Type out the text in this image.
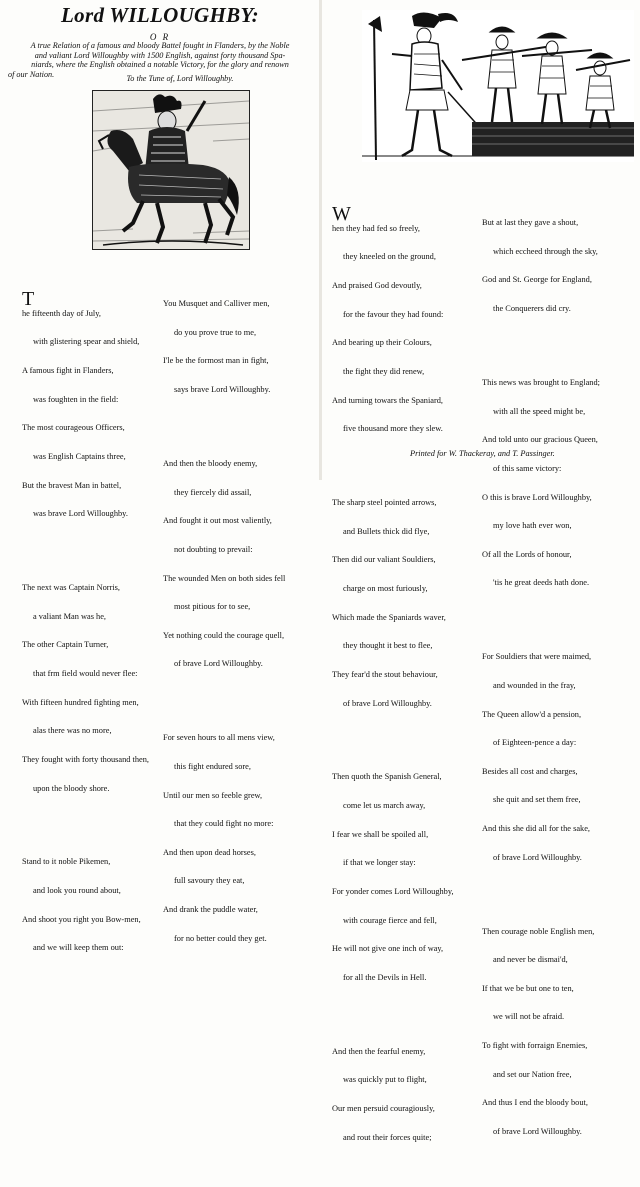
Lord WILLOUGHBY:
O R
A true Relation of a famous and bloody Battel fought in Flanders, by the Noble
and valiant Lord Willoughby with 1500 English, against forty thousand Spa-
niards, where the English obtained a notable Victory, for the glory and renown
of our Nation.	To the Tune of, Lord Willoughby.

T

he fifteenth day of July,

with glistering spear and shield,

A famous fight in Flanders,

was foughten in the field:

The most courageous Officers,

was English Captains three,

But the bravest Man in battel,

was brave Lord Willoughby.

The next was Captain Norris,

a valiant Man was he,

The other Captain Turner,

that frm field would never flee:

With fifteen hundred fighting men,

alas there was no more,

They fought with forty thousand then,

upon the bloody shore.

Stand to it noble Pikemen,

and look you round about,

And shoot you right you Bow-men,

and we will keep them out:

You Musquet and Calliver men,

do you prove true to me,

I'le be the formost man in fight,

says brave Lord Willoughby.

And then the bloody enemy,

they fiercely did assail,

And fought it out most valiently,

not doubting to prevail:

The wounded Men on both sides fell

most pitious for to see,

Yet nothing could the courage quell,

of brave Lord Willoughby.

For seven hours to all mens view,

this fight endured sore,

Until our men so feeble grew,

that they could fight no more:

And then upon dead horses,

full savoury they eat,

And drank the puddle water,

for no better could they get.

W

hen they had fed so freely,

they kneeled on the ground,

And praised God devoutly,

for the favour they had found:

And bearing up their Colours,

the fight they did renew,

And turning towars the Spaniard,

five thousand more they slew.

The sharp steel pointed arrows,

and Bullets thick did flye,

Then did our valiant Souldiers,

charge on most furiously,

Which made the Spaniards waver,

they thought it best to flee,

They fear'd the stout behaviour,

of brave Lord Willoughby.

Then quoth the Spanish General,

come let us march away,

I fear we shall be spoiled all,

if that we longer stay:

For yonder comes Lord Willoughby,

with courage fierce and fell,

He will not give one inch of way,

for all the Devils in Hell.

And then the fearful enemy,

was quickly put to flight,

Our men persuid couragiously,

and rout their forces quite;

But at last they gave a shout,

which eccheed through the sky,

God and St. George for England,

the Conquerers did cry.

This news was brought to England;

with all the speed might be,

And told unto our gracious Queen,

of this same victory:

O this is brave Lord Willoughby,

my love hath ever won,

Of all the Lords of honour,

'tis he great deeds hath done.

For Souldiers that were maimed,

and wounded in the fray,

The Queen allow'd a pension,

of Eighteen-pence a day:

Besides all cost and charges,

she quit and set them free,

And this she did all for the sake,

of brave Lord Willoughby.

Then courage noble English men,

and never be dismai'd,

If that we be but one to ten,

we will not be afraid.

To fight with forraign Enemies,

and set our Nation free,

And thus I end the bloody bout,

of brave Lord Willoughby.

Printed for W. Thackeray, and T. Passinger.
